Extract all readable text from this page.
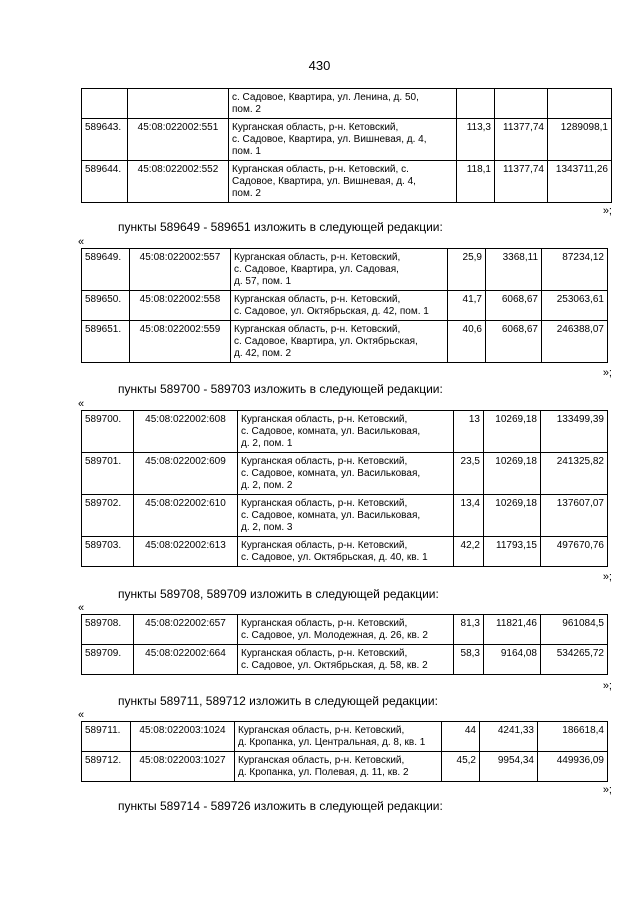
430
		с. Садовое, Квартира, ул. Ленина, д. 50,
пом. 2			
589643.	45:08:022002:551	Курганская область, р-н. Кетовский,
с. Садовое, Квартира, ул. Вишневая, д. 4,
пом. 1	113,3	11377,74	1289098,1
589644.	45:08:022002:552	Курганская область, р-н. Кетовский, с.
Садовое, Квартира, ул. Вишневая, д. 4,
пом. 2	118,1	11377,74	1343711,26
»;
пункты 589649 - 589651 изложить в следующей редакции:
«
589649.	45:08:022002:557	Курганская область, р-н. Кетовский,
с. Садовое, Квартира, ул. Садовая,
д. 57, пом. 1	25,9	3368,11	87234,12
589650.	45:08:022002:558	Курганская область, р-н. Кетовский,
с. Садовое, ул. Октябрьская, д. 42, пом. 1	41,7	6068,67	253063,61
589651.	45:08:022002:559	Курганская область, р-н. Кетовский,
с. Садовое, Квартира, ул. Октябрьская,
д. 42, пом. 2	40,6	6068,67	246388,07
»;
пункты 589700 - 589703 изложить в следующей редакции:
«
589700.	45:08:022002:608	Курганская область, р-н. Кетовский,
с. Садовое, комната, ул. Васильковая,
д. 2, пом. 1	13	10269,18	133499,39
589701.	45:08:022002:609	Курганская область, р-н. Кетовский,
с. Садовое, комната, ул. Васильковая,
д. 2, пом. 2	23,5	10269,18	241325,82
589702.	45:08:022002:610	Курганская область, р-н. Кетовский,
с. Садовое, комната, ул. Васильковая,
д. 2, пом. 3	13,4	10269,18	137607,07
589703.	45:08:022002:613	Курганская область, р-н. Кетовский,
с. Садовое, ул. Октябрьская, д. 40, кв. 1	42,2	11793,15	497670,76
»;
пункты 589708, 589709 изложить в следующей редакции:
«
589708.	45:08:022002:657	Курганская область, р-н. Кетовский,
с. Садовое, ул. Молодежная, д. 26, кв. 2	81,3	11821,46	961084,5
589709.	45:08:022002:664	Курганская область, р-н. Кетовский,
с. Садовое, ул. Октябрьская, д. 58, кв. 2	58,3	9164,08	534265,72
»;
пункты 589711, 589712 изложить в следующей редакции:
«
589711.	45:08:022003:1024	Курганская область, р-н. Кетовский,
д. Кропанка, ул. Центральная, д. 8, кв. 1	44	4241,33	186618,4
589712.	45:08:022003:1027	Курганская область, р-н. Кетовский,
д. Кропанка, ул. Полевая, д. 11, кв. 2	45,2	9954,34	449936,09
»;
пункты 589714 - 589726 изложить в следующей редакции:
